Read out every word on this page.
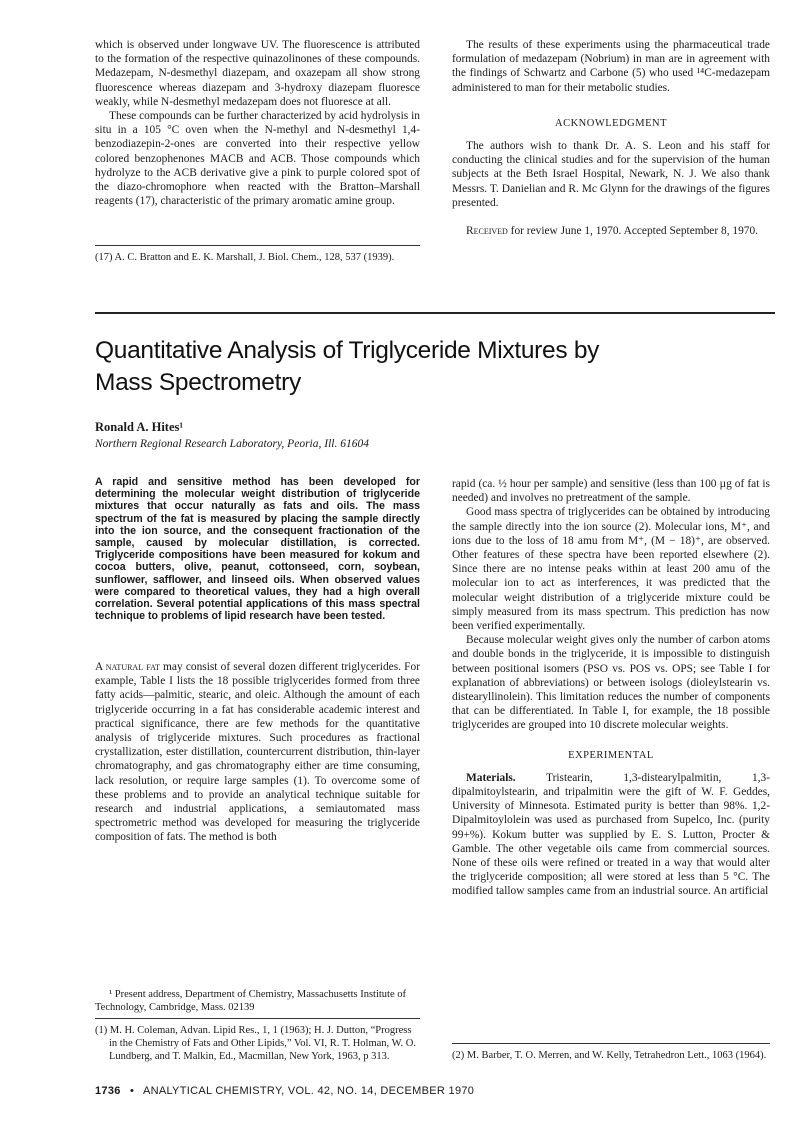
which is observed under longwave UV. The fluorescence is attributed to the formation of the respective quinazolinones of these compounds. Medazepam, N-desmethyl diazepam, and oxazepam all show strong fluorescence whereas diazepam and 3-hydroxy diazepam fluoresce weakly, while N-desmethyl medazepam does not fluoresce at all.

These compounds can be further characterized by acid hydrolysis in situ in a 105 °C oven when the N-methyl and N-desmethyl 1,4-benzodiazepin-2-ones are converted into their respective yellow colored benzophenones MACB and ACB. Those compounds which hydrolyze to the ACB derivative give a pink to purple colored spot of the diazo-chromophore when reacted with the Bratton–Marshall reagents (17), characteristic of the primary aromatic amine group.

(17) A. C. Bratton and E. K. Marshall, J. Biol. Chem., 128, 537 (1939).

The results of these experiments using the pharmaceutical trade formulation of medazepam (Nobrium) in man are in agreement with the findings of Schwartz and Carbone (5) who used ¹⁴C-medazepam administered to man for their metabolic studies.

ACKNOWLEDGMENT

The authors wish to thank Dr. A. S. Leon and his staff for conducting the clinical studies and for the supervision of the human subjects at the Beth Israel Hospital, Newark, N. J. We also thank Messrs. T. Danielian and R. Mc Glynn for the drawings of the figures presented.

Received for review June 1, 1970. Accepted September 8, 1970.

Quantitative Analysis of Triglyceride Mixtures by
Mass Spectrometry
Ronald A. Hites¹
Northern Regional Research Laboratory, Peoria, Ill. 61604
A rapid and sensitive method has been developed for determining the molecular weight distribution of triglyceride mixtures that occur naturally as fats and oils. The mass spectrum of the fat is measured by placing the sample directly into the ion source, and the consequent fractionation of the sample, caused by molecular distillation, is corrected. Triglyceride compositions have been measured for kokum and cocoa butters, olive, peanut, cottonseed, corn, soybean, sunflower, safflower, and linseed oils. When observed values were compared to theoretical values, they had a high overall correlation. Several potential applications of this mass spectral technique to problems of lipid research have been tested.

A natural fat may consist of several dozen different triglycerides. For example, Table I lists the 18 possible triglycerides formed from three fatty acids—palmitic, stearic, and oleic. Although the amount of each triglyceride occurring in a fat has considerable academic interest and practical significance, there are few methods for the quantitative analysis of triglyceride mixtures. Such procedures as fractional crystallization, ester distillation, countercurrent distribution, thin-layer chromatography, and gas chromatography either are time consuming, lack resolution, or require large samples (1). To overcome some of these problems and to provide an analytical technique suitable for research and industrial applications, a semiautomated mass spectrometric method was developed for measuring the triglyceride composition of fats. The method is both

¹ Present address, Department of Chemistry, Massachusetts Institute of Technology, Cambridge, Mass. 02139

(1) M. H. Coleman, Advan. Lipid Res., 1, 1 (1963); H. J. Dutton, “Progress in the Chemistry of Fats and Other Lipids,” Vol. VI, R. T. Holman, W. O. Lundberg, and T. Malkin, Ed., Macmillan, New York, 1963, p 313.

rapid (ca. ½ hour per sample) and sensitive (less than 100 µg of fat is needed) and involves no pretreatment of the sample.

Good mass spectra of triglycerides can be obtained by introducing the sample directly into the ion source (2). Molecular ions, M⁺, and ions due to the loss of 18 amu from M⁺, (M − 18)⁺, are observed. Other features of these spectra have been reported elsewhere (2). Since there are no intense peaks within at least 200 amu of the molecular ion to act as interferences, it was predicted that the molecular weight distribution of a triglyceride mixture could be simply measured from its mass spectrum. This prediction has now been verified experimentally.

Because molecular weight gives only the number of carbon atoms and double bonds in the triglyceride, it is impossible to distinguish between positional isomers (PSO vs. POS vs. OPS; see Table I for explanation of abbreviations) or between isologs (dioleylstearin vs. distearyllinolein). This limitation reduces the number of components that can be differentiated. In Table I, for example, the 18 possible triglycerides are grouped into 10 discrete molecular weights.

EXPERIMENTAL

Materials. Tristearin, 1,3-distearylpalmitin, 1,3-dipalmitoylstearin, and tripalmitin were the gift of W. F. Geddes, University of Minnesota. Estimated purity is better than 98%. 1,2-Dipalmitoylolein was used as purchased from Supelco, Inc. (purity 99+%). Kokum butter was supplied by E. S. Lutton, Procter & Gamble. The other vegetable oils came from commercial sources. None of these oils were refined or treated in a way that would alter the triglyceride composition; all were stored at less than 5 °C. The modified tallow samples came from an industrial source. An artificial

(2) M. Barber, T. O. Merren, and W. Kelly, Tetrahedron Lett., 1063 (1964).

1736 • ANALYTICAL CHEMISTRY, VOL. 42, NO. 14, DECEMBER 1970
